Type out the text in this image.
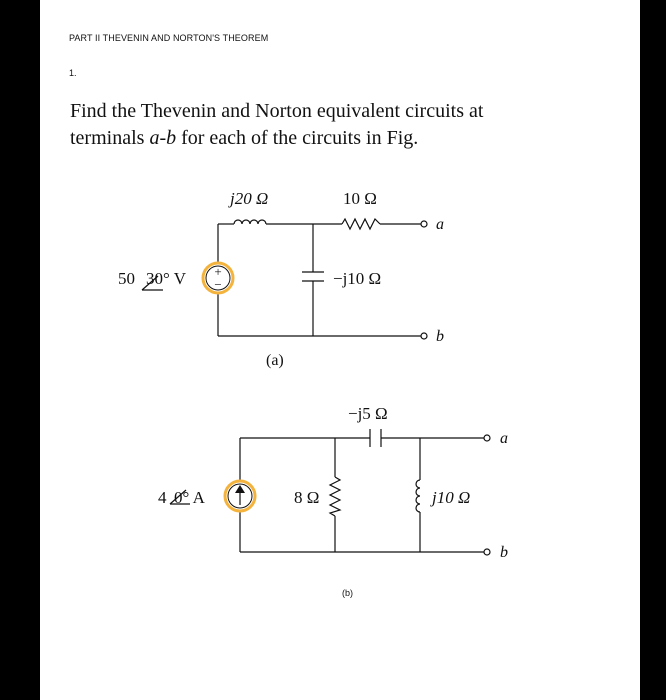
PART II THEVENIN AND NORTON'S THEOREM
1.

Find the Thevenin and Norton equivalent circuits at terminals a-b for each of the circuits in Fig.

j20 Ω	10 Ω
−j10 Ω
50 30° V +
−
a
b
(a)
−j5 Ω
4 0° A	8 Ω	j10 Ω
a
b
(b)
